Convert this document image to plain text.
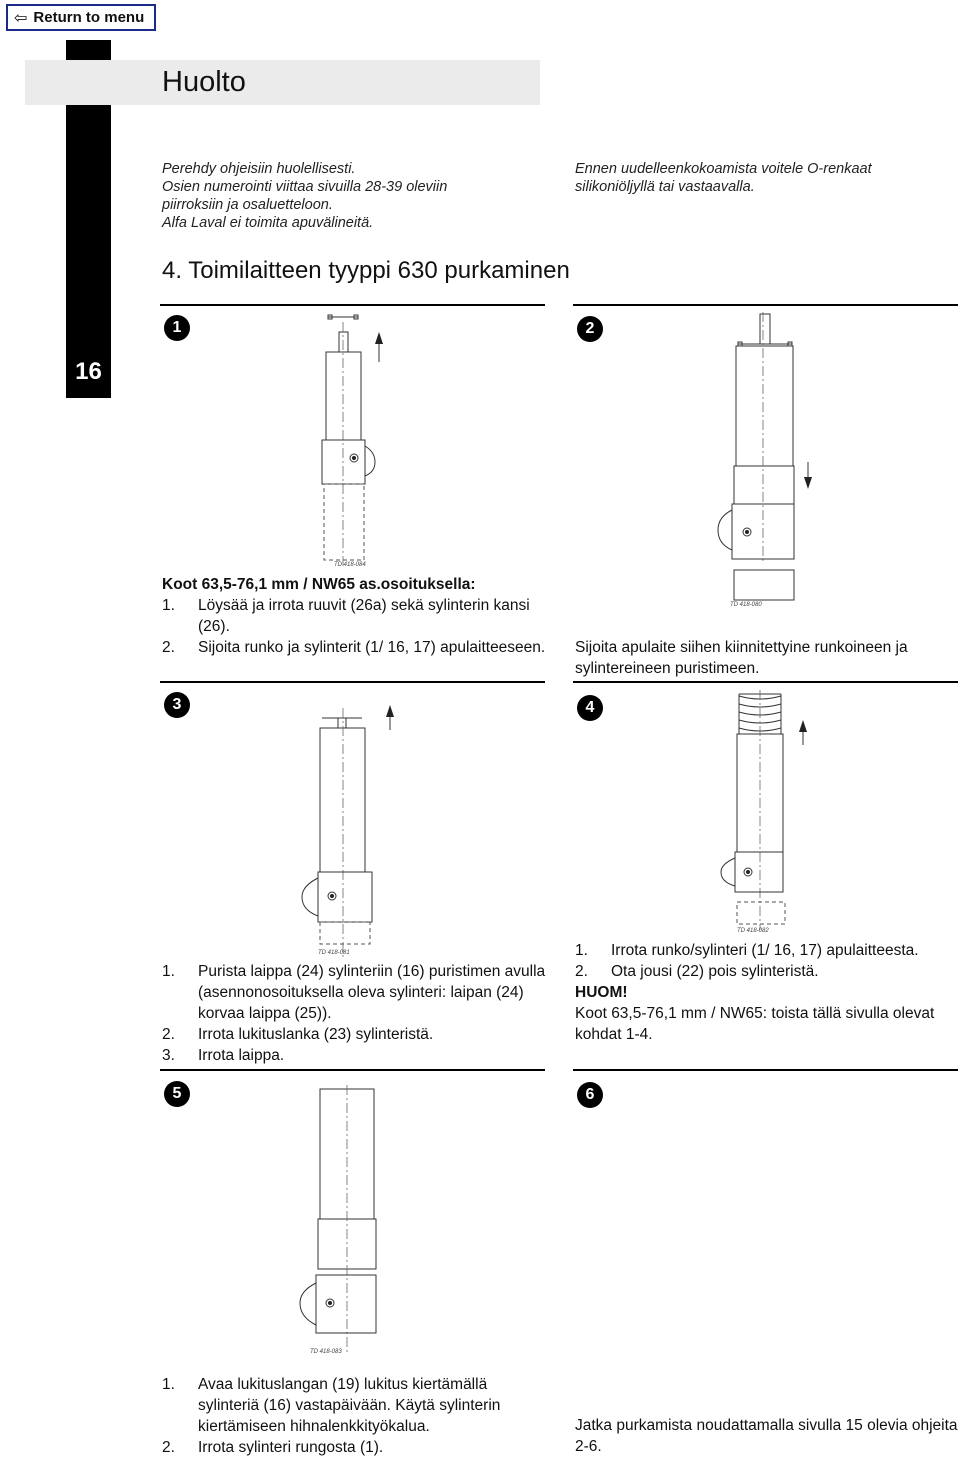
⇦ Return to menu
Huolto
16
Perehdy ohjeisiin huolellisesti.
Osien numerointi viittaa sivuilla 28-39 oleviin
piirroksiin ja osaluetteloon.
Alfa Laval ei toimita apuvälineitä.
Ennen uudelleenkokoamista voitele O-renkaat
silikoniöljyllä tai vastaavalla.
4. Toimilaitteen tyyppi 630 purkaminen
1	2
3	4
5	6
TD 418-084
TD 418-080
TD 418-081
TD 418-082
TD 418-083
Koot 63,5-76,1 mm / NW65 as.osoituksella:
1.	Löysää ja irrota ruuvit (26a) sekä sylinterin kansi (26).
2.	Sijoita runko ja sylinterit (1/ 16, 17) apulaitteeseen. Sijoita apulaite siihen kiinnitettyine runkoineen ja sylintereineen puristimeen.
1.	Purista laippa (24) sylinteriin (16) puristimen avulla (asennonosoituksella oleva sylinteri: laipan (24) korvaa laippa (25)).
2.	Irrota lukituslanka (23) sylinteristä.
3.	Irrota laippa.
1.	Irrota runko/sylinteri (1/ 16, 17) apulaitteesta.
2.	Ota jousi (22) pois sylinteristä.
HUOM!
Koot 63,5-76,1 mm / NW65: toista tällä sivulla olevat kohdat 1-4.
1.	Avaa lukituslangan (19) lukitus kiertämällä sylinteriä (16) vastapäivään. Käytä sylinterin kiertämiseen hihnalenkkityökalua.
2.	Irrota sylinteri rungosta (1).
Jatka purkamista noudattamalla sivulla 15 olevia ohjeita 2-6.
